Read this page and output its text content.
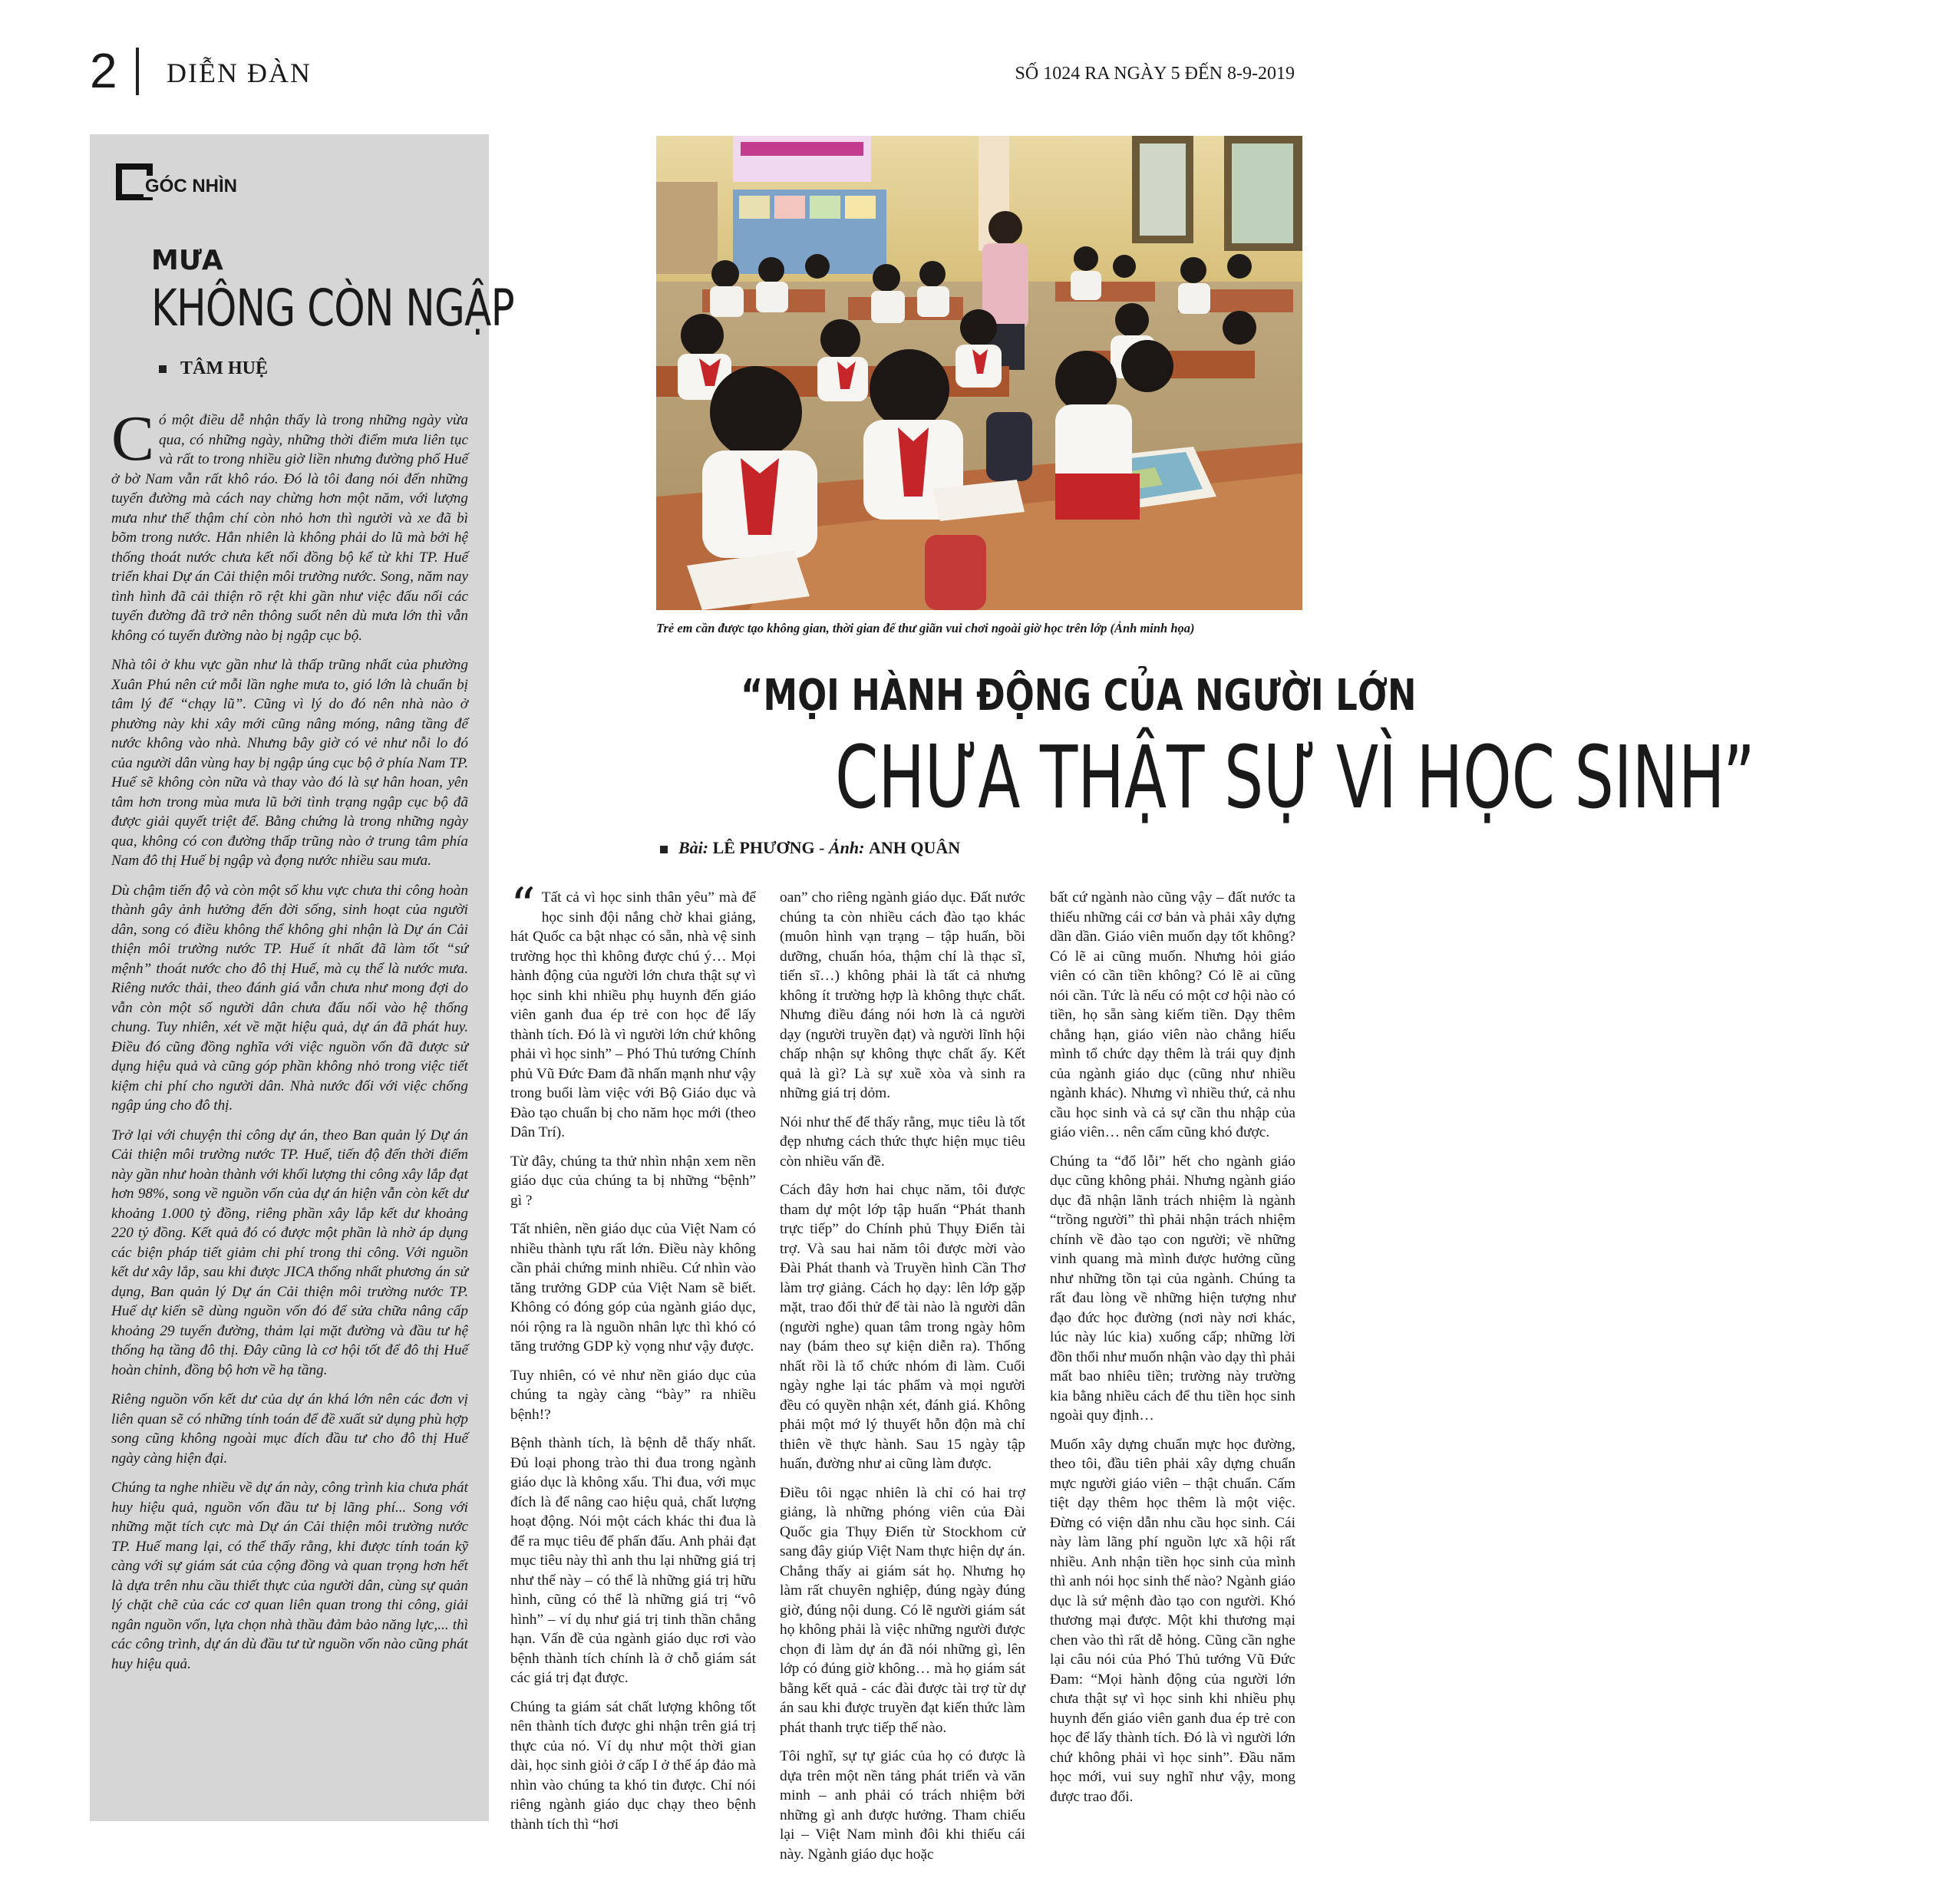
2 DIỄN ĐÀN	SỐ 1024 RA NGÀY 5 ĐẾN 8-9-2019
GÓC NHÌN
MƯA
KHÔNG CÒN NGẬP
TÂM HUỆ

Có một điều dễ nhận thấy là trong những ngày vừa qua, có những ngày, những thời điểm mưa liên tục và rất to trong nhiều giờ liền nhưng đường phố Huế ở bờ Nam vẫn rất khô ráo. Đó là tôi đang nói đến những tuyến đường mà cách nay chừng hơn một năm, với lượng mưa như thế thậm chí còn nhỏ hơn thì người và xe đã bì bõm trong nước. Hẳn nhiên là không phải do lũ mà bởi hệ thống thoát nước chưa kết nối đồng bộ kể từ khi TP. Huế triển khai Dự án Cải thiện môi trường nước. Song, năm nay tình hình đã cải thiện rõ rệt khi gần như việc đấu nối các tuyến đường đã trở nên thông suốt nên dù mưa lớn thì vẫn không có tuyến đường nào bị ngập cục bộ.

Nhà tôi ở khu vực gần như là thấp trũng nhất của phường Xuân Phú nên cứ mỗi lần nghe mưa to, gió lớn là chuẩn bị tâm lý để “chạy lũ”. Cũng vì lý do đó nên nhà nào ở phường này khi xây mới cũng nâng móng, nâng tầng để nước không vào nhà. Nhưng bây giờ có vẻ như nỗi lo đó của người dân vùng hay bị ngập úng cục bộ ở phía Nam TP. Huế sẽ không còn nữa và thay vào đó là sự hân hoan, yên tâm hơn trong mùa mưa lũ bởi tình trạng ngập cục bộ đã được giải quyết triệt để. Bằng chứng là trong những ngày qua, không có con đường thấp trũng nào ở trung tâm phía Nam đô thị Huế bị ngập và đọng nước nhiều sau mưa.

Dù chậm tiến độ và còn một số khu vực chưa thi công hoàn thành gây ảnh hưởng đến đời sống, sinh hoạt của người dân, song có điều không thể không ghi nhận là Dự án Cải thiện môi trường nước TP. Huế ít nhất đã làm tốt “sứ mệnh” thoát nước cho đô thị Huế, mà cụ thể là nước mưa. Riêng nước thải, theo đánh giá vẫn chưa như mong đợi do vẫn còn một số người dân chưa đấu nối vào hệ thống chung. Tuy nhiên, xét về mặt hiệu quả, dự án đã phát huy. Điều đó cũng đồng nghĩa với việc nguồn vốn đã được sử dụng hiệu quả và cũng góp phần không nhỏ trong việc tiết kiệm chi phí cho người dân. Nhà nước đối với việc chống ngập úng cho đô thị.

Trở lại với chuyện thi công dự án, theo Ban quản lý Dự án Cải thiện môi trường nước TP. Huế, tiến độ đến thời điểm này gần như hoàn thành với khối lượng thi công xây lắp đạt hơn 98%, song về nguồn vốn của dự án hiện vẫn còn kết dư khoảng 1.000 tỷ đồng, riêng phần xây lắp kết dư khoảng 220 tỷ đồng. Kết quả đó có được một phần là nhờ áp dụng các biện pháp tiết giảm chi phí trong thi công. Với nguồn kết dư xây lắp, sau khi được JICA thống nhất phương án sử dụng, Ban quản lý Dự án Cải thiện môi trường nước TP. Huế dự kiến sẽ dùng nguồn vốn đó để sửa chữa nâng cấp khoảng 29 tuyến đường, thảm lại mặt đường và đầu tư hệ thống hạ tầng đô thị. Đây cũng là cơ hội tốt để đô thị Huế hoàn chỉnh, đồng bộ hơn về hạ tầng.

Riêng nguồn vốn kết dư của dự án khá lớn nên các đơn vị liên quan sẽ có những tính toán để đề xuất sử dụng phù hợp song cũng không ngoài mục đích đầu tư cho đô thị Huế ngày càng hiện đại.

Chúng ta nghe nhiều về dự án này, công trình kia chưa phát huy hiệu quả, nguồn vốn đầu tư bị lãng phí... Song với những mặt tích cực mà Dự án Cải thiện môi trường nước TP. Huế mang lại, có thể thấy rằng, khi được tính toán kỹ càng với sự giám sát của cộng đồng và quan trọng hơn hết là dựa trên nhu cầu thiết thực của người dân, cùng sự quản lý chặt chẽ của các cơ quan liên quan trong thi công, giải ngân nguồn vốn, lựa chọn nhà thầu đảm bảo năng lực,... thì các công trình, dự án dù đầu tư từ nguồn vốn nào cũng phát huy hiệu quả.

Trẻ em cần được tạo không gian, thời gian để thư giãn vui chơi ngoài giờ học trên lớp (Ảnh minh họa)
“MỌI HÀNH ĐỘNG CỦA NGƯỜI LỚN
CHƯA THẬT SỰ VÌ HỌC SINH”
Bài: LÊ PHƯƠNG - Ảnh: ANH QUÂN

“ Tất cả vì học sinh thân yêu” mà để học sinh đội nắng chờ khai giảng, hát Quốc ca bật nhạc có sẵn, nhà vệ sinh trường học thì không được chú ý… Mọi hành động của người lớn chưa thật sự vì học sinh khi nhiều phụ huynh đến giáo viên ganh đua ép trẻ con học để lấy thành tích. Đó là vì người lớn chứ không phải vì học sinh” – Phó Thủ tướng Chính phủ Vũ Đức Đam đã nhấn mạnh như vậy trong buổi làm việc với Bộ Giáo dục và Đào tạo chuẩn bị cho năm học mới (theo Dân Trí).

Từ đây, chúng ta thử nhìn nhận xem nền giáo dục của chúng ta bị những “bệnh” gì ?

Tất nhiên, nền giáo dục của Việt Nam có nhiều thành tựu rất lớn. Điều này không cần phải chứng minh nhiều. Cứ nhìn vào tăng trưởng GDP của Việt Nam sẽ biết. Không có đóng góp của ngành giáo dục, nói rộng ra là nguồn nhân lực thì khó có tăng trưởng GDP kỳ vọng như vậy được.

Tuy nhiên, có vẻ như nền giáo dục của chúng ta ngày càng “bày” ra nhiều bệnh!?

Bệnh thành tích, là bệnh dễ thấy nhất. Đủ loại phong trào thi đua trong ngành giáo dục là không xấu. Thi đua, với mục đích là để nâng cao hiệu quả, chất lượng hoạt động. Nói một cách khác thi đua là để ra mục tiêu để phấn đấu. Anh phải đạt mục tiêu này thì anh thu lại những giá trị như thế này – có thể là những giá trị hữu hình, cũng có thể là những giá trị “vô hình” – ví dụ như giá trị tinh thần chẳng hạn. Vấn đề của ngành giáo dục rơi vào bệnh thành tích chính là ở chỗ giám sát các giá trị đạt được.

Chúng ta giám sát chất lượng không tốt nên thành tích được ghi nhận trên giá trị thực của nó. Ví dụ như một thời gian dài, học sinh giỏi ở cấp I ở thể áp đảo mà nhìn vào chúng ta khó tin được. Chỉ nói riêng ngành giáo dục chạy theo bệnh thành tích thì “hơi

oan” cho riêng ngành giáo dục. Đất nước chúng ta còn nhiều cách đào tạo khác (muôn hình vạn trạng – tập huấn, bồi dưỡng, chuẩn hóa, thậm chí là thạc sĩ, tiến sĩ…) không phải là tất cả nhưng không ít trường hợp là không thực chất. Nhưng điều đáng nói hơn là cả người dạy (người truyền đạt) và người lĩnh hội chấp nhận sự không thực chất ấy. Kết quả là gì? Là sự xuề xòa và sinh ra những giá trị dỏm.

Nói như thế để thấy rằng, mục tiêu là tốt đẹp nhưng cách thức thực hiện mục tiêu còn nhiều vấn đề.

Cách đây hơn hai chục năm, tôi được tham dự một lớp tập huấn “Phát thanh trực tiếp” do Chính phủ Thụy Điển tài trợ. Và sau hai năm tôi được mời vào Đài Phát thanh và Truyền hình Cần Thơ làm trợ giảng. Cách họ dạy: lên lớp gặp mặt, trao đổi thử để tài nào là người dân (người nghe) quan tâm trong ngày hôm nay (bám theo sự kiện diễn ra). Thống nhất rồi là tổ chức nhóm đi làm. Cuối ngày nghe lại tác phẩm và mọi người đều có quyền nhận xét, đánh giá. Không phải một mớ lý thuyết hỗn độn mà chỉ thiên về thực hành. Sau 15 ngày tập huấn, đường như ai cũng làm được.

Điều tôi ngạc nhiên là chỉ có hai trợ giảng, là những phóng viên của Đài Quốc gia Thụy Điển từ Stockhom cử sang đây giúp Việt Nam thực hiện dự án. Chẳng thấy ai giám sát họ. Nhưng họ làm rất chuyên nghiệp, đúng ngày đúng giờ, đúng nội dung. Có lẽ người giám sát họ không phải là việc những người được chọn đi làm dự án đã nói những gì, lên lớp có đúng giờ không… mà họ giám sát bằng kết quả - các đài được tài trợ từ dự án sau khi được truyền đạt kiến thức làm phát thanh trực tiếp thế nào.

Tôi nghĩ, sự tự giác của họ có được là dựa trên một nền tảng phát triển và văn minh – anh phải có trách nhiệm bởi những gì anh được hưởng. Tham chiếu lại – Việt Nam mình đôi khi thiếu cái này. Ngành giáo dục hoặc

bất cứ ngành nào cũng vậy – đất nước ta thiếu những cái cơ bản và phải xây dựng dần dần. Giáo viên muốn dạy tốt không? Có lẽ ai cũng muốn. Nhưng hỏi giáo viên có cần tiền không? Có lẽ ai cũng nói cần. Tức là nếu có một cơ hội nào có tiền, họ sẵn sàng kiếm tiền. Dạy thêm chẳng hạn, giáo viên nào chẳng hiểu mình tổ chức dạy thêm là trái quy định của ngành giáo dục (cũng như nhiều ngành khác). Nhưng vì nhiều thứ, cả nhu cầu học sinh và cả sự cần thu nhập của giáo viên… nên cấm cũng khó được.

Chúng ta “đổ lỗi” hết cho ngành giáo dục cũng không phải. Nhưng ngành giáo dục đã nhận lãnh trách nhiệm là ngành “trồng người” thì phải nhận trách nhiệm chính về đào tạo con người; về những vinh quang mà mình được hưởng cũng như những tồn tại của ngành. Chúng ta rất đau lòng về những hiện tượng như đạo đức học đường (nơi này nơi khác, lúc này lúc kia) xuống cấp; những lời đồn thổi như muốn nhận vào dạy thì phải mất bao nhiêu tiền; trường này trường kia bằng nhiều cách để thu tiền học sinh ngoài quy định…

Muốn xây dựng chuẩn mực học đường, theo tôi, đầu tiên phải xây dựng chuẩn mực người giáo viên – thật chuẩn. Cấm tiệt dạy thêm học thêm là một việc. Đừng có viện dẫn nhu cầu học sinh. Cái này làm lãng phí nguồn lực xã hội rất nhiều. Anh nhận tiền học sinh của mình thì anh nói học sinh thế nào? Ngành giáo dục là sứ mệnh đào tạo con người. Khó thương mại được. Một khi thương mại chen vào thì rất dễ hỏng. Cũng cần nghe lại câu nói của Phó Thủ tướng Vũ Đức Đam: “Mọi hành động của người lớn chưa thật sự vì học sinh khi nhiều phụ huynh đến giáo viên ganh đua ép trẻ con học để lấy thành tích. Đó là vì người lớn chứ không phải vì học sinh”. Đầu năm học mới, vui suy nghĩ như vậy, mong được trao đổi.
